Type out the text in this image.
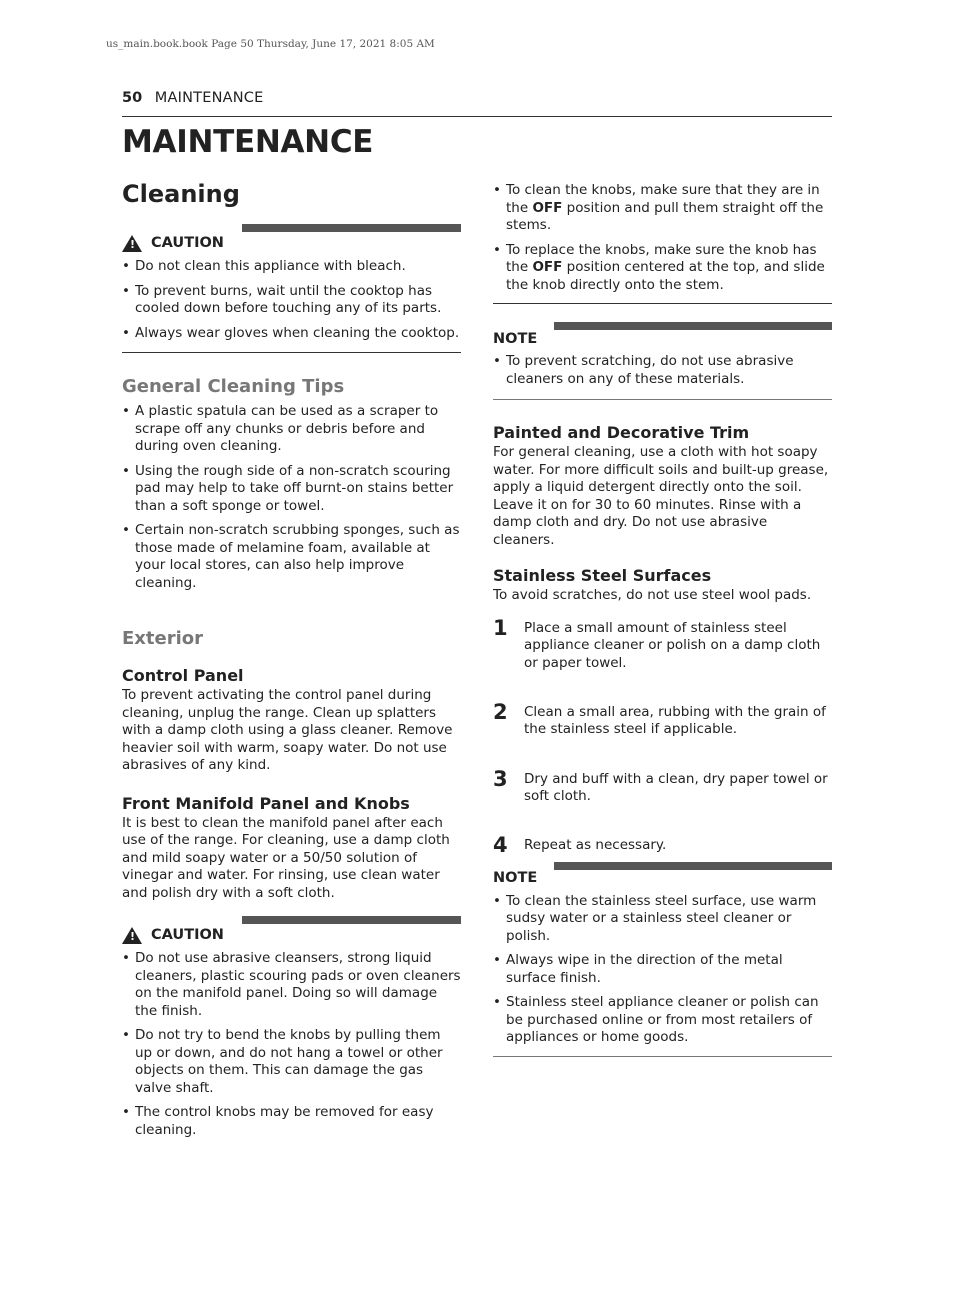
us_main.book.book Page 50 Thursday, June 17, 2021 8:05 AM
50 MAINTENANCE
MAINTENANCE
Cleaning
! CAUTION
• Do not clean this appliance with bleach.
• To prevent burns, wait until the cooktop has cooled down before touching any of its parts.
• Always wear gloves when cleaning the cooktop.
General Cleaning Tips
• A plastic spatula can be used as a scraper to scrape off any chunks or debris before and during oven cleaning.
• Using the rough side of a non-scratch scouring pad may help to take off burnt-on stains better than a soft sponge or towel.
• Certain non-scratch scrubbing sponges, such as those made of melamine foam, available at your local stores, can also help improve cleaning.
Exterior
Control Panel

To prevent activating the control panel during cleaning, unplug the range. Clean up splatters with a damp cloth using a glass cleaner. Remove heavier soil with warm, soapy water. Do not use abrasives of any kind.

Front Manifold Panel and Knobs

It is best to clean the manifold panel after each use of the range. For cleaning, use a damp cloth and mild soapy water or a 50/50 solution of vinegar and water. For rinsing, use clean water and polish dry with a soft cloth.

! CAUTION
• Do not use abrasive cleansers, strong liquid cleaners, plastic scouring pads or oven cleaners on the manifold panel. Doing so will damage the finish.
• Do not try to bend the knobs by pulling them up or down, and do not hang a towel or other objects on them. This can damage the gas valve shaft.
• The control knobs may be removed for easy cleaning.
• To clean the knobs, make sure that they are in the OFF position and pull them straight off the stems.
• To replace the knobs, make sure the knob has the OFF position centered at the top, and slide the knob directly onto the stem.
NOTE
• To prevent scratching, do not use abrasive cleaners on any of these materials.
Painted and Decorative Trim

For general cleaning, use a cloth with hot soapy water. For more difficult soils and built-up grease, apply a liquid detergent directly onto the soil. Leave it on for 30 to 60 minutes. Rinse with a damp cloth and dry. Do not use abrasive cleaners.

Stainless Steel Surfaces

To avoid scratches, do not use steel wool pads.

1	Place a small amount of stainless steel appliance cleaner or polish on a damp cloth or paper towel.
2	Clean a small area, rubbing with the grain of the stainless steel if applicable.
3	Dry and buff with a clean, dry paper towel or soft cloth.
4	Repeat as necessary.
NOTE
• To clean the stainless steel surface, use warm sudsy water or a stainless steel cleaner or polish.
• Always wipe in the direction of the metal surface finish.
• Stainless steel appliance cleaner or polish can be purchased online or from most retailers of appliances or home goods.
